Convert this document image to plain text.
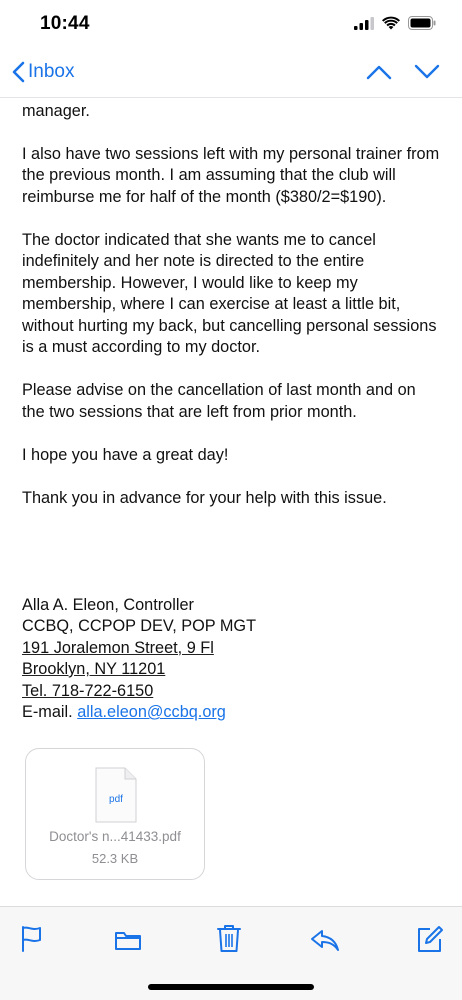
10:44
Inbox

manager.

I also have two sessions left with my personal trainer from the previous month. I am assuming that the club will reimburse me for half of the month ($380/2=$190).

The doctor indicated that she wants me to cancel indefinitely and her note is directed to the entire membership. However, I would like to keep my membership, where I can exercise at least a little bit, without hurting my back, but cancelling personal sessions is a must according to my doctor.

Please advise on the cancellation of last month and on the two sessions that are left from prior month.

I hope you have a great day!

Thank you in advance for your help with this issue.

Alla A. Eleon, Controller
CCBQ, CCPOP DEV, POP MGT
191 Joralemon Street, 9 Fl
Brooklyn, NY 11201
Tel. 718-722-6150
E-mail. alla.eleon@ccbq.org
pdf
Doctor's n...41433.pdf
52.3 KB
